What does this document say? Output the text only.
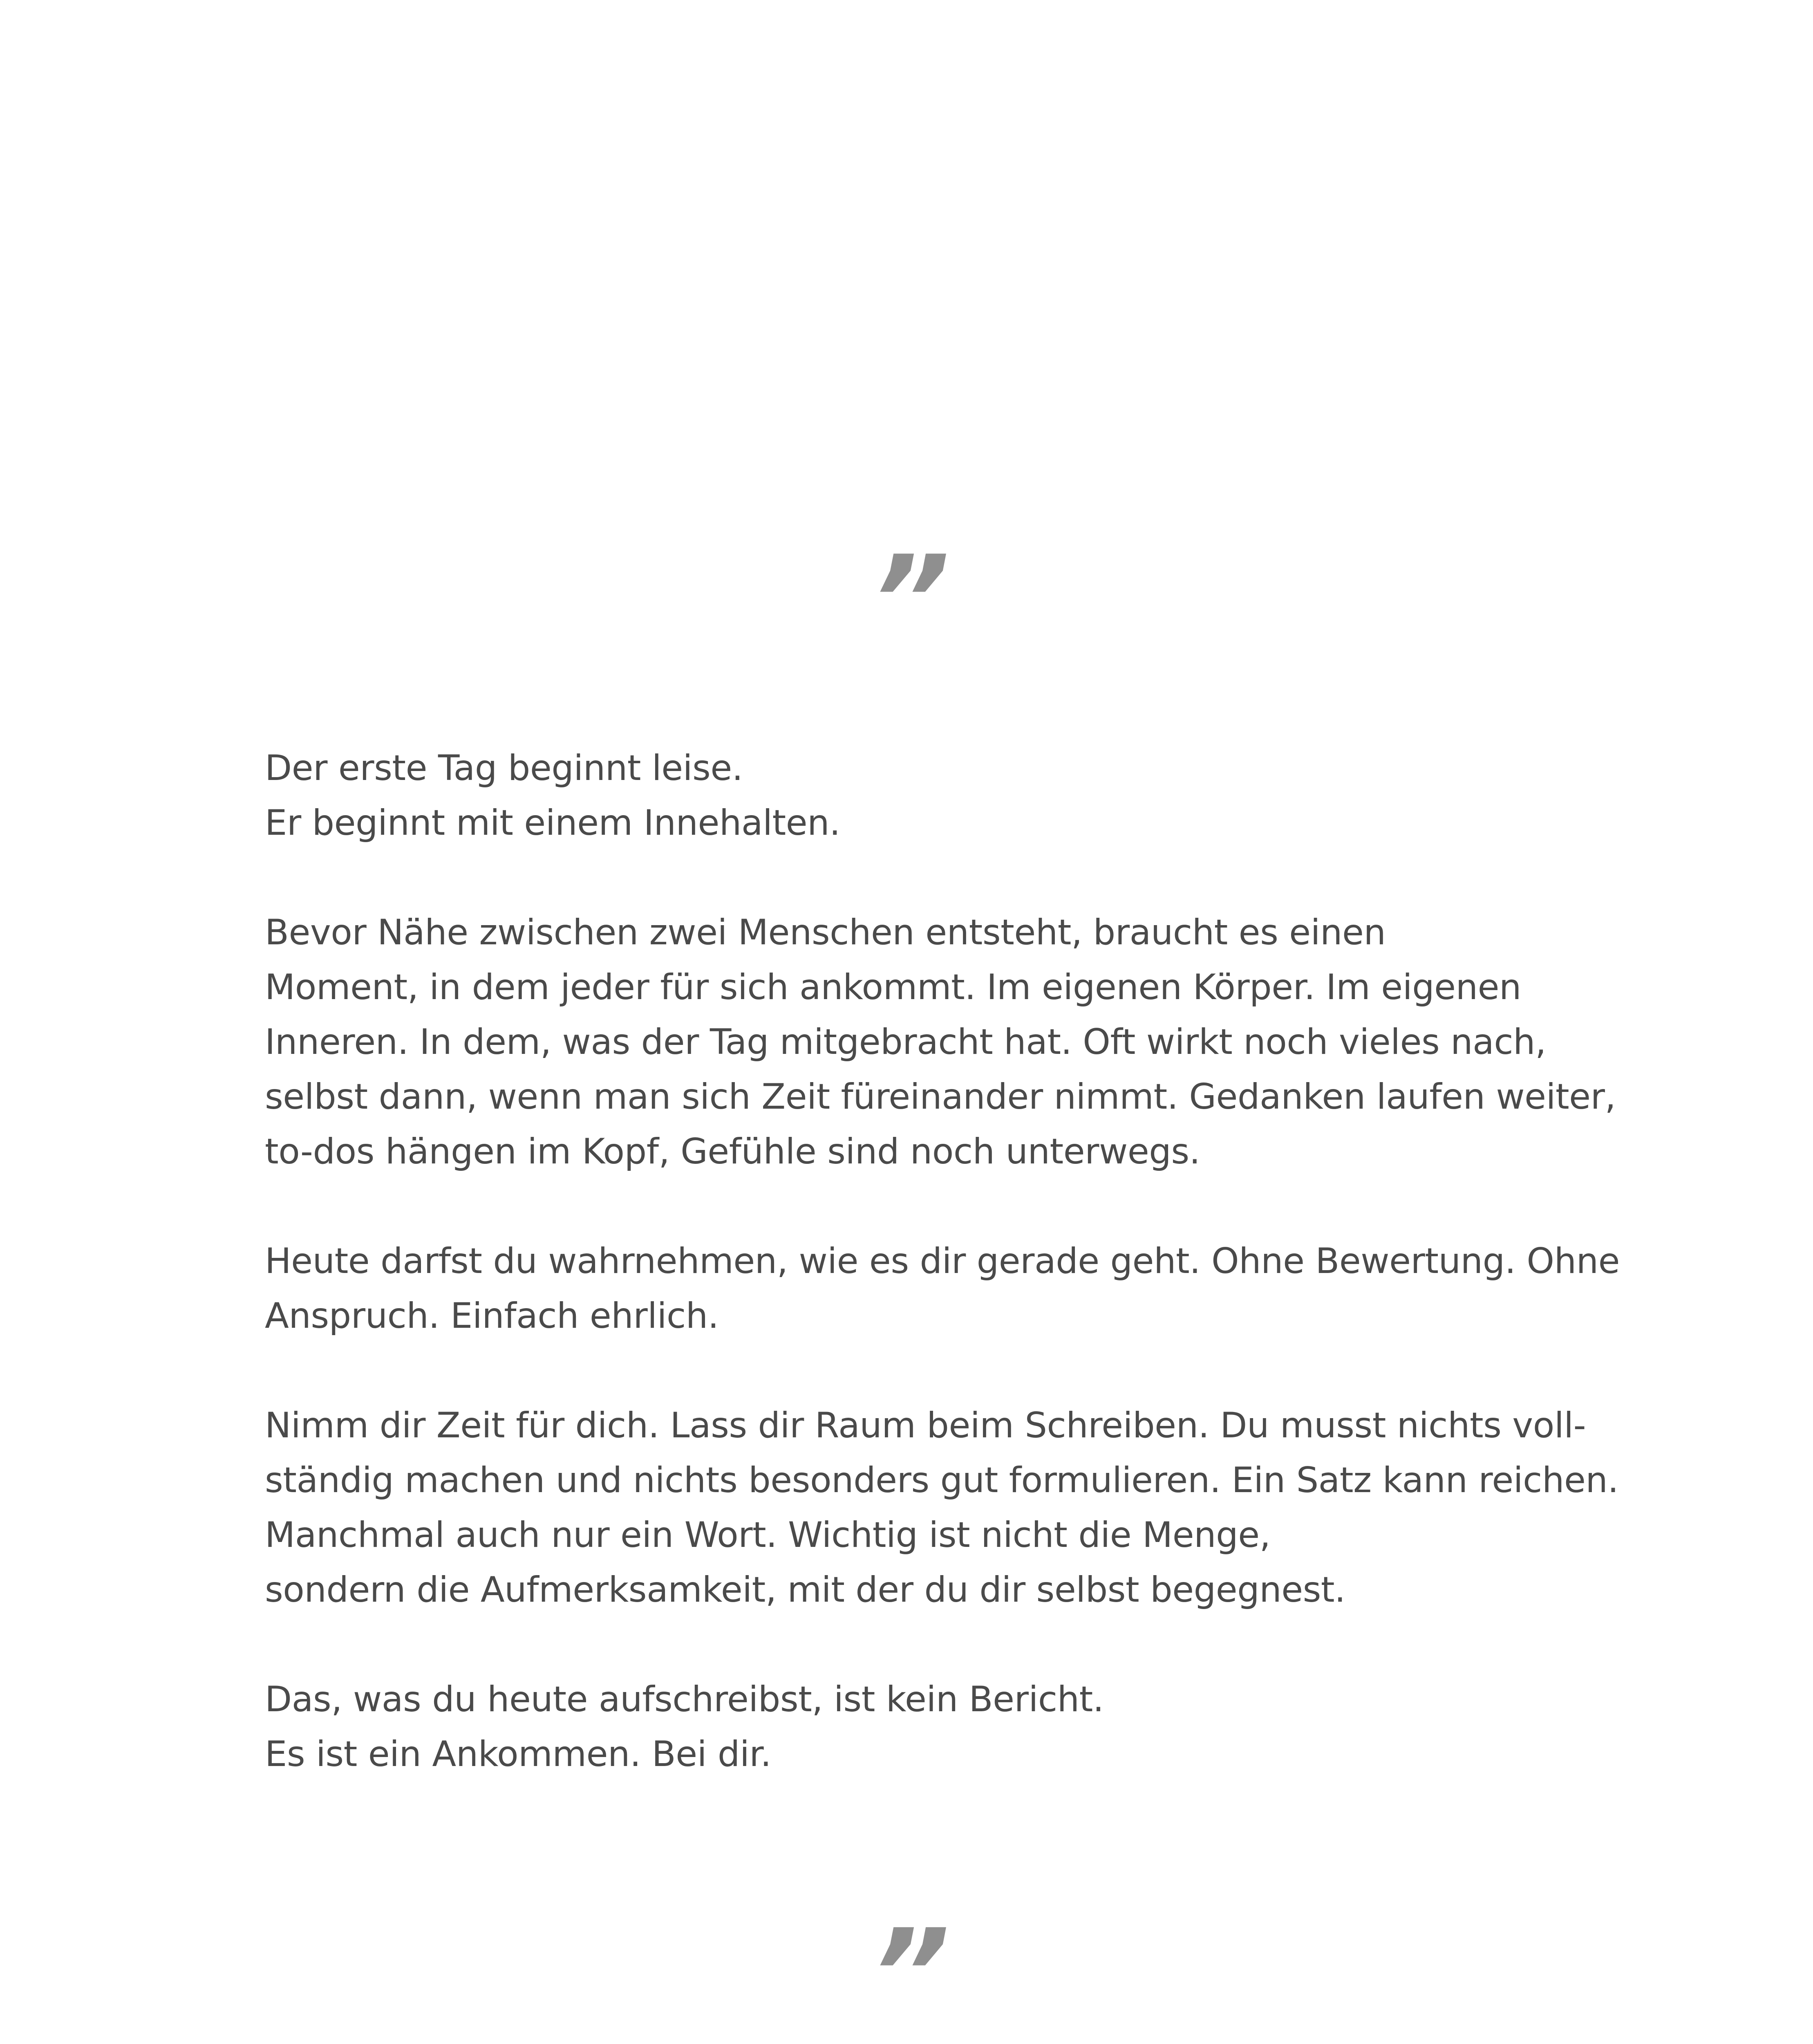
”

Der erste Tag beginnt leise.
Er beginnt mit einem Innehalten.

Bevor Nähe zwischen zwei Menschen entsteht, braucht es einen
Moment, in dem jeder für sich ankommt. Im eigenen Körper. Im eigenen
Inneren. In dem, was der Tag mitgebracht hat. Oft wirkt noch vieles nach,
selbst dann, wenn man sich Zeit füreinander nimmt. Gedanken laufen weiter,
to-dos hängen im Kopf, Gefühle sind noch unterwegs.

Heute darfst du wahrnehmen, wie es dir gerade geht. Ohne Bewertung. Ohne
Anspruch. Einfach ehrlich.

Nimm dir Zeit für dich. Lass dir Raum beim Schreiben. Du musst nichts voll-
ständig machen und nichts besonders gut formulieren. Ein Satz kann reichen.
Manchmal auch nur ein Wort. Wichtig ist nicht die Menge,
sondern die Aufmerksamkeit, mit der du dir selbst begegnest.

Das, was du heute aufschreibst, ist kein Bericht.
Es ist ein Ankommen. Bei dir.

”
